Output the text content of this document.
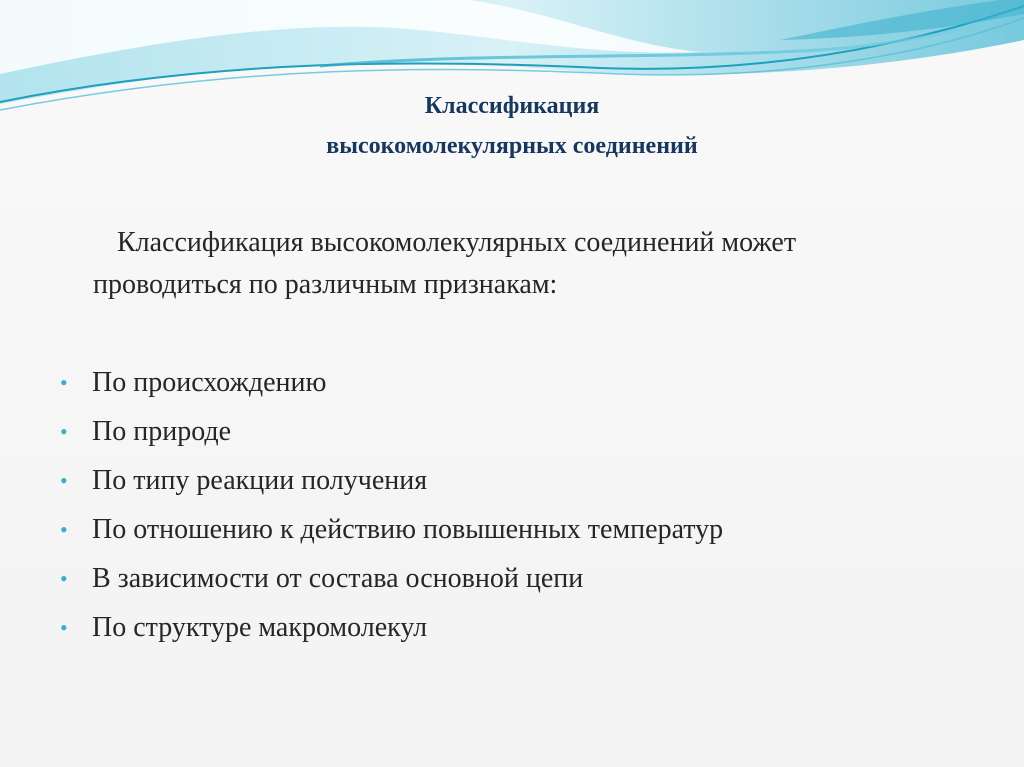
Классификация
высокомолекулярных соединений
Классификация высокомолекулярных соединений может
проводиться по различным признакам:
• По происхождению
• По природе
• По типу реакции получения
• По отношению к действию повышенных температур
• В зависимости от состава основной цепи
• По структуре макромолекул
